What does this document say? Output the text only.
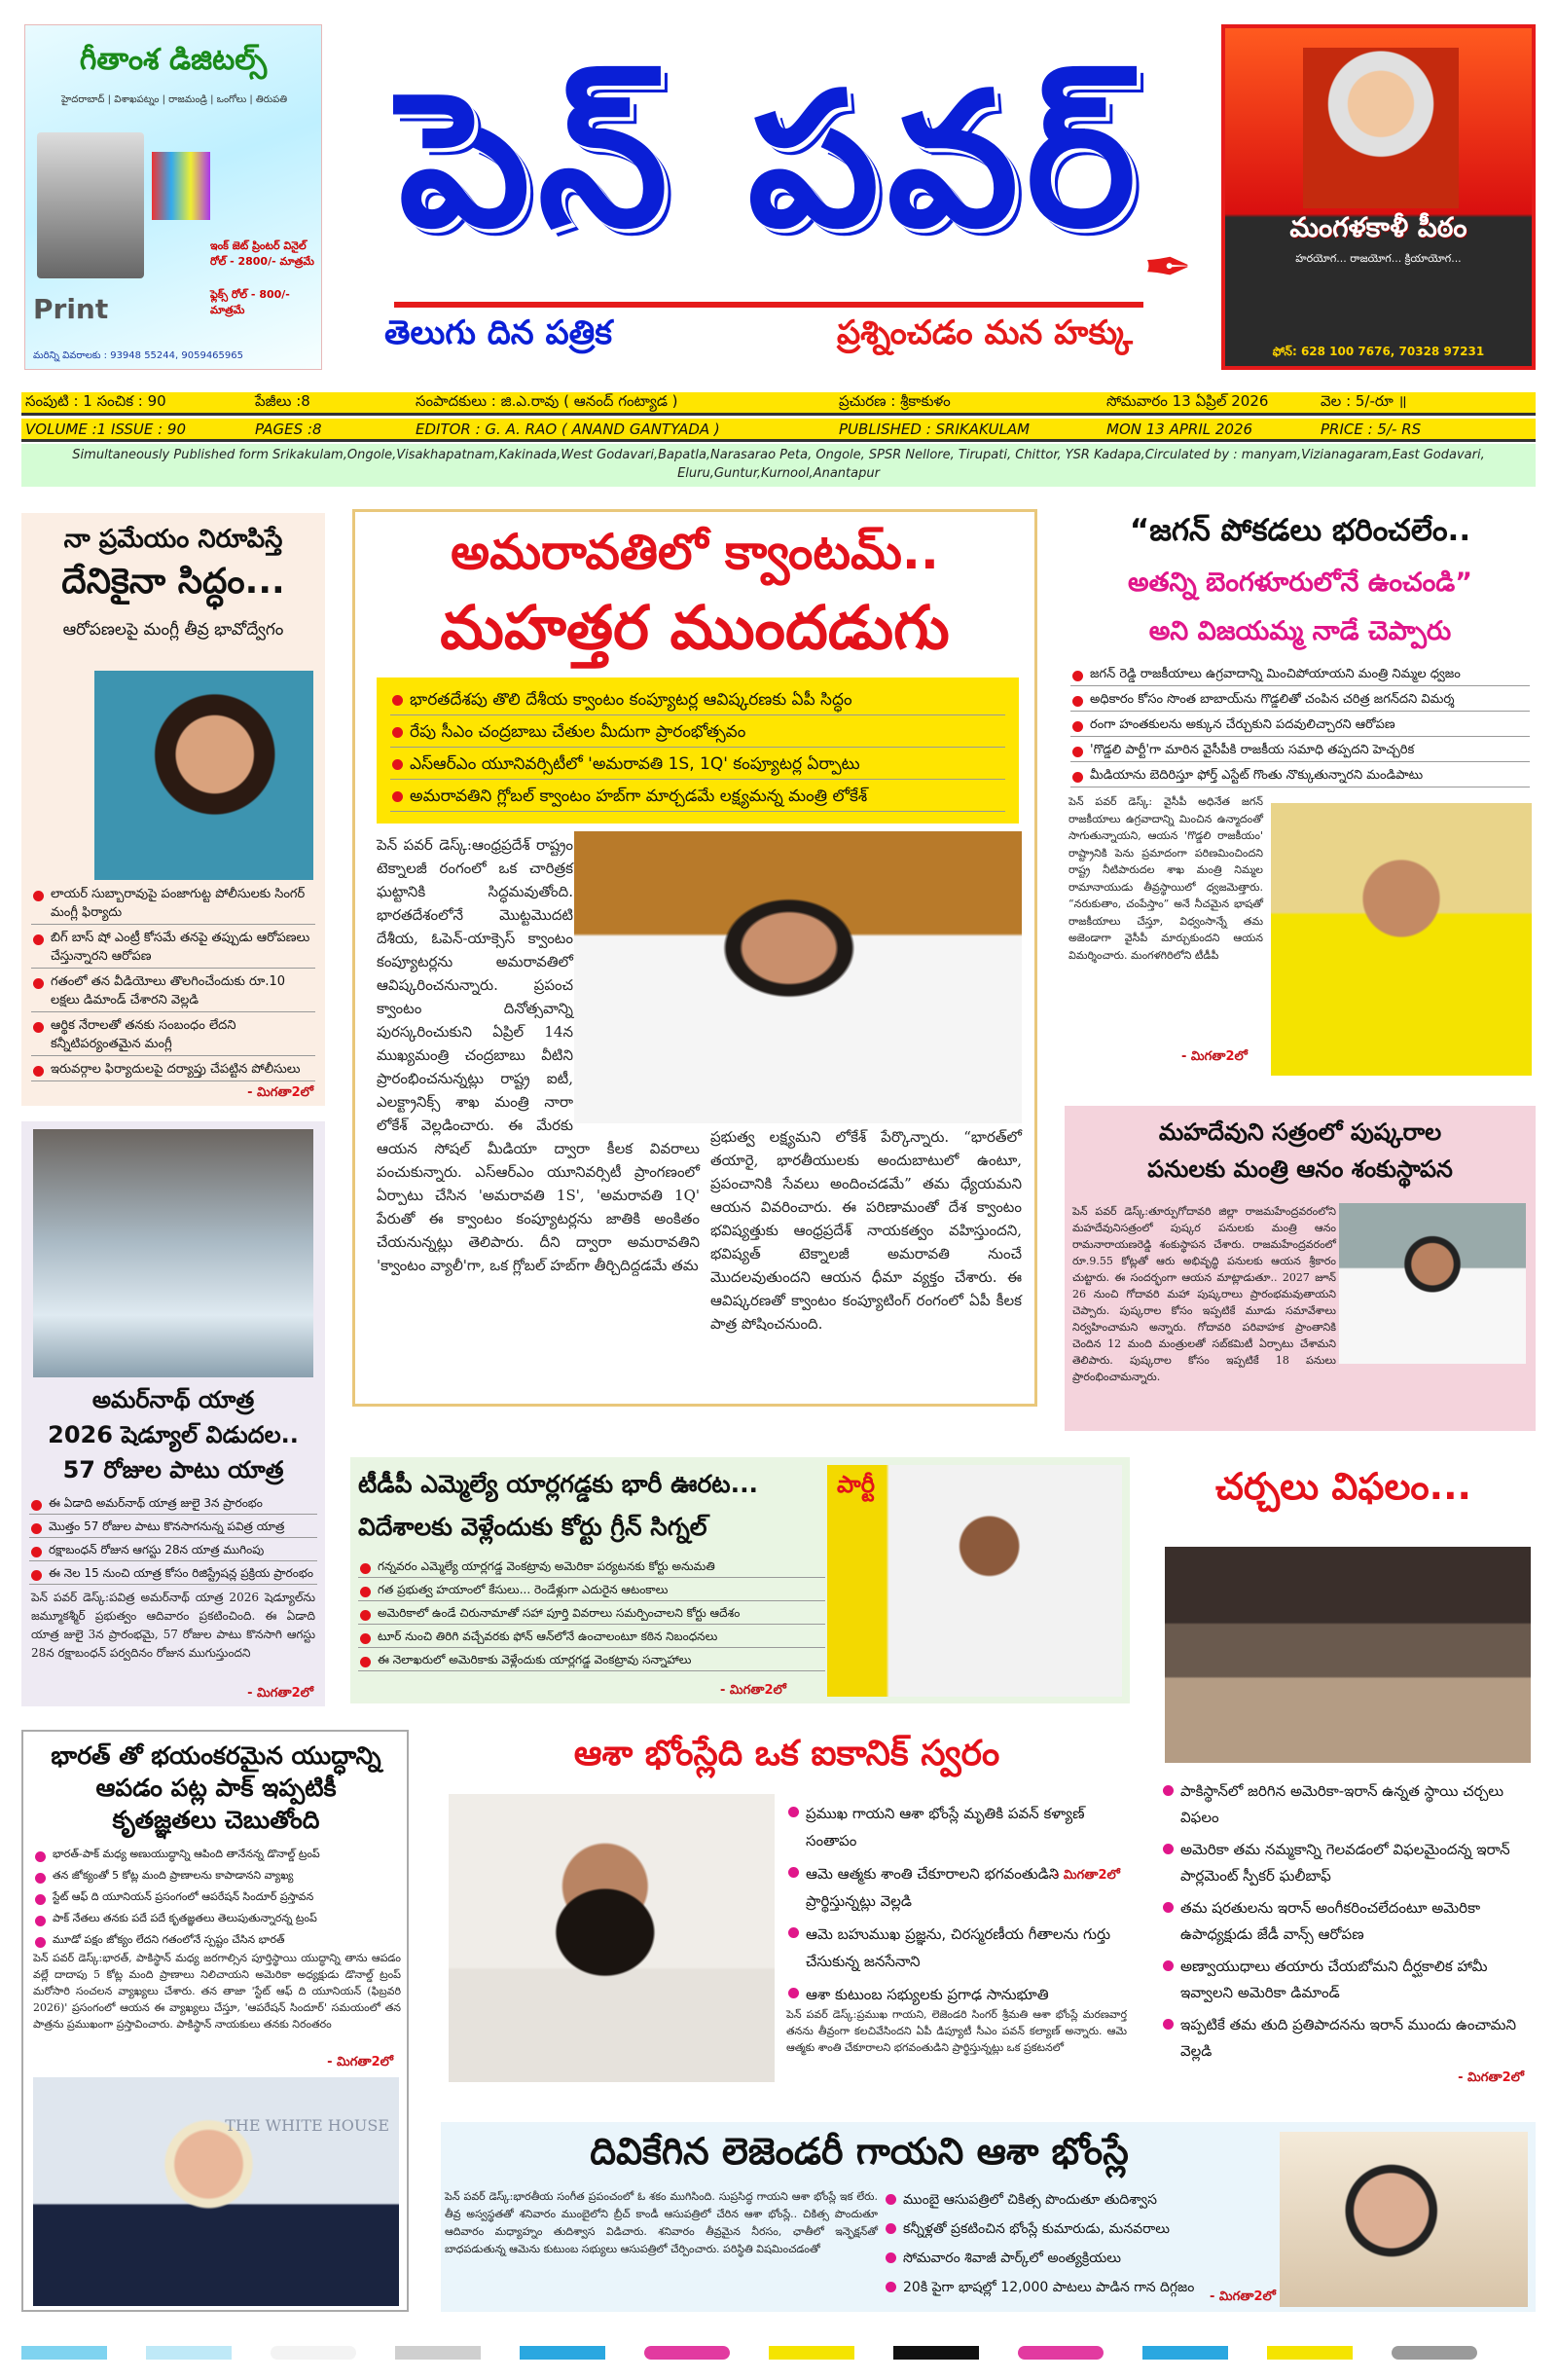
గీతాంశ డిజిటల్స్
హైదరాబాద్ | విశాఖపట్నం | రాజమండ్రి | ఒంగోలు | తిరుపతి
ఇంక్ జెట్ ప్రింటర్ వినైల్ రోల్ - 2800/- మాత్రమే
ఫ్లెక్స్ రోల్ - 800/- మాత్రమే
Print
మరిన్ని వివరాలకు : 93948 55244, 9059465965
పెన్ పవర్ ✒
తెలుగు దిన పత్రిక	ప్రశ్నించడం మన హక్కు
మంగళకాళీ పీఠం
హరయోగ... రాజయోగ... క్రియాయోగ...
ఫోన్: 628 100 7676, 70328 97231
సంపుటి : 1 సంచిక : 90	పేజీలు :8	సంపాదకులు : జి.ఎ.రావు ( ఆనంద్ గంట్యాడ )	ప్రచురణ : శ్రీకాకుళం	సోమవారం 13 ఏప్రిల్ 2026	వెల : 5/-రూ ॥
VOLUME :1 ISSUE : 90	PAGES :8	EDITOR : G. A. RAO ( ANAND GANTYADA )	PUBLISHED : SRIKAKULAM	MON 13 APRIL 2026	PRICE : 5/- RS
Simultaneously Published form Srikakulam,Ongole,Visakhapatnam,Kakinada,West Godavari,Bapatla,Narasarao Peta, Ongole, SPSR Nellore, Tirupati, Chittor, YSR Kadapa,Circulated by : manyam,Vizianagaram,East Godavari, Eluru,Guntur,Kurnool,Anantapur
నా ప్రమేయం నిరూపిస్తే
దేనికైనా సిద్ధం...
ఆరోపణలపై మంగ్లీ తీవ్ర భావోద్వేగం
లాయర్ సుబ్బారావుపై పంజాగుట్ట పోలీసులకు సింగర్ మంగ్లీ ఫిర్యాదు
బిగ్ బాస్ షో ఎంట్రీ కోసమే తనపై తప్పుడు ఆరోపణలు చేస్తున్నారని ఆరోపణ
గతంలో తన వీడియోలు తొలగించేందుకు రూ.10 లక్షలు డిమాండ్ చేశారని వెల్లడి
ఆర్థిక నేరాలతో తనకు సంబంధం లేదని కన్నీటిపర్యంతమైన మంగ్లీ
ఇరువర్గాల ఫిర్యాదులపై దర్యాప్తు చేపట్టిన పోలీసులు
- మిగతా2లో
అమర్‌నాథ్ యాత్ర
2026 షెడ్యూల్ విడుదల..
57 రోజుల పాటు యాత్ర
ఈ ఏడాది అమర్‌నాథ్ యాత్ర జులై 3న ప్రారంభం
మొత్తం 57 రోజుల పాటు కొనసాగనున్న పవిత్ర యాత్ర
రక్షాబంధన్ రోజున ఆగస్టు 28న యాత్ర ముగింపు
ఈ నెల 15 నుంచి యాత్ర కోసం రిజిస్ట్రేషన్ల ప్రక్రియ ప్రారంభం
పెన్ పవర్ డెస్క్:పవిత్ర అమర్‌నాథ్ యాత్ర 2026 షెడ్యూల్‌ను జమ్మూకశ్మీర్ ప్రభుత్వం ఆదివారం ప్రకటించింది. ఈ ఏడాది యాత్ర జులై 3న ప్రారంభమై, 57 రోజుల పాటు కొనసాగి ఆగస్టు 28న రక్షాబంధన్ పర్వదినం రోజున ముగుస్తుందని
- మిగతా2లో
భారత్ తో భయంకరమైన యుద్ధాన్ని
ఆపడం పట్ల పాక్ ఇప్పటికీ
కృతజ్ఞతలు చెబుతోంది
భారత్-పాక్ మధ్య అణుయుద్ధాన్ని ఆపింది తానేనన్న డొనాల్డ్ ట్రంప్
తన జోక్యంతో 5 కోట్ల మంది ప్రాణాలను కాపాడానని వ్యాఖ్య
స్టేట్ ఆఫ్ ది యూనియన్ ప్రసంగంలో ఆపరేషన్ సిందూర్ ప్రస్తావన
పాక్ నేతలు తనకు పదే పదే కృతజ్ఞతలు తెలుపుతున్నారన్న ట్రంప్
మూడో పక్షం జోక్యం లేదని గతంలోనే స్పష్టం చేసిన భారత్
పెన్ పవర్ డెస్క్:భారత్, పాకిస్థాన్ మధ్య జరగాల్సిన పూర్తిస్థాయి యుద్ధాన్ని తాను ఆపడం వల్లే దాదాపు 5 కోట్ల మంది ప్రాణాలు నిలిచాయని అమెరికా అధ్యక్షుడు డొనాల్డ్ ట్రంప్ మరోసారి సంచలన వ్యాఖ్యలు చేశారు. తన తాజా 'స్టేట్ ఆఫ్ ది యూనియన్ (ఫిబ్రవరి 2026)' ప్రసంగంలో ఆయన ఈ వ్యాఖ్యలు చేస్తూ, 'ఆపరేషన్ సిందూర్' సమయంలో తన పాత్రను ప్రముఖంగా ప్రస్తావించారు. పాకిస్థాన్ నాయకులు తనకు నిరంతరం
- మిగతా2లో
THE WHITE HOUSE
అమరావతిలో క్వాంటమ్..
మహత్తర ముందడుగు
భారతదేశపు తొలి దేశీయ క్వాంటం కంప్యూటర్ల ఆవిష్కరణకు ఏపీ సిద్ధం
రేపు సీఎం చంద్రబాబు చేతుల మీదుగా ప్రారంభోత్సవం
ఎస్ఆర్ఎం యూనివర్సిటీలో 'అమరావతి 1S, 1Q' కంప్యూటర్ల ఏర్పాటు
అమరావతిని గ్లోబల్ క్వాంటం హబ్‌గా మార్చడమే లక్ష్యమన్న మంత్రి లోకేశ్
పెన్ పవర్ డెస్క్:ఆంధ్రప్రదేశ్ రాష్ట్రం టెక్నాలజీ రంగంలో ఒక చారిత్రక ఘట్టానికి సిద్ధమవుతోంది. భారతదేశంలోనే మొట్టమొదటి దేశీయ, ఓపెన్-యాక్సెస్ క్వాంటం కంప్యూటర్లను అమరావతిలో ఆవిష్కరించనున్నారు. ప్రపంచ క్వాంటం దినోత్సవాన్ని పురస్కరించుకుని ఏప్రిల్ 14న ముఖ్యమంత్రి చంద్రబాబు వీటిని ప్రారంభించనున్నట్లు రాష్ట్ర ఐటీ, ఎలక్ట్రానిక్స్ శాఖ మంత్రి నారా లోకేశ్ వెల్లడించారు. ఈ మేరకు ఆయన సోషల్ మీడియా ద్వారా కీలక వివరాలు పంచుకున్నారు. ఎస్ఆర్ఎం యూనివర్సిటీ ప్రాంగణంలో ఏర్పాటు చేసిన 'అమరావతి 1S', 'అమరావతి 1Q' పేరుతో ఈ క్వాంటం కంప్యూటర్లను జాతికి అంకితం చేయనున్నట్లు తెలిపారు. దీని ద్వారా అమరావతిని 'క్వాంటం వ్యాలీ'గా, ఒక గ్లోబల్ హబ్‌గా తీర్చిదిద్దడమే తమ
ప్రభుత్వ లక్ష్యమని లోకేశ్ పేర్కొన్నారు. “భారత్‌లో తయారై, భారతీయులకు అందుబాటులో ఉంటూ, ప్రపంచానికి సేవలు అందించడమే” తమ ధ్యేయమని ఆయన వివరించారు. ఈ పరిణామంతో దేశ క్వాంటం భవిష్యత్తుకు ఆంధ్రప్రదేశ్ నాయకత్వం వహిస్తుందని, భవిష్యత్ టెక్నాలజీ అమరావతి నుంచే మొదలవుతుందని ఆయన ధీమా వ్యక్తం చేశారు. ఈ ఆవిష్కరణతో క్వాంటం కంప్యూటింగ్ రంగంలో ఏపీ కీలక పాత్ర పోషించనుంది.
“జగన్ పోకడలు భరించలేం..
అతన్ని బెంగళూరులోనే ఉంచండి”
అని విజయమ్మ నాడే చెప్పారు
జగన్ రెడ్డి రాజకీయాలు ఉగ్రవాదాన్ని మించిపోయాయని మంత్రి నిమ్మల ధ్వజం
అధికారం కోసం సొంత బాబాయ్‌ను గొడ్డలితో చంపిన చరిత్ర జగన్‌దని విమర్శ
రంగా హంతకులను అక్కున చేర్చుకుని పదవులిచ్చారని ఆరోపణ
'గొడ్డలి పార్టీ'గా మారిన వైసీపీకి రాజకీయ సమాధి తప్పదని హెచ్చరిక
మీడియాను బెదిరిస్తూ ఫోర్త్ ఎస్టేట్ గొంతు నొక్కుతున్నారని మండిపాటు
పెన్ పవర్ డెస్క్: వైసీపీ అధినేత జగన్ రాజకీయాలు ఉగ్రవాదాన్ని మించిన ఉన్మాదంతో సాగుతున్నాయని, ఆయన 'గొడ్డలి రాజకీయం' రాష్ట్రానికి పెను ప్రమాదంగా పరిణమించిందని రాష్ట్ర నీటిపారుదల శాఖ మంత్రి నిమ్మల రామానాయుడు తీవ్రస్థాయిలో ధ్వజమెత్తారు. “నరుకుతాం, చంపేస్తాం” అనే నీచమైన భాషతో రాజకీయాలు చేస్తూ, విధ్వంసాన్నే తమ అజెండాగా వైసీపీ మార్చుకుందని ఆయన విమర్శించారు. మంగళగిరిలోని టీడీపీ
- మిగతా2లో
మహదేవుని సత్రంలో పుష్కరాల
పనులకు మంత్రి ఆనం శంకుస్థాపన
పెన్ పవర్ డెస్క్:తూర్పుగోదావరి జిల్లా రాజమహేంద్రవరంలోని మహదేవునిసత్రంలో పుష్కర పనులకు మంత్రి ఆనం రామనారాయణరెడ్డి శంకుస్థాపన చేశారు. రాజమహేంద్రవరంలో రూ.9.55 కోట్లతో ఆరు అభివృద్ధి పనులకు ఆయన శ్రీకారం చుట్టారు. ఈ సందర్భంగా ఆయన మాట్లాడుతూ.. 2027 జూన్ 26 నుంచి గోదావరి మహా పుష్కరాలు ప్రారంభమవుతాయని చెప్పారు. పుష్కరాల కోసం ఇప్పటికే మూడు సమావేశాలు నిర్వహించామని అన్నారు. గోదావరి పరివాహక ప్రాంతానికి చెందిన 12 మంది మంత్రులతో సబ్‌కమిటీ ఏర్పాటు చేశామని తెలిపారు. పుష్కరాల కోసం ఇప్పటికే 18 పనులు ప్రారంభించామన్నారు.
టీడీపీ ఎమ్మెల్యే యార్లగడ్డకు భారీ ఊరట...
విదేశాలకు వెళ్లేందుకు కోర్టు గ్రీన్ సిగ్నల్
గన్నవరం ఎమ్మెల్యే యార్లగడ్డ వెంకట్రావు అమెరికా పర్యటనకు కోర్టు అనుమతి
గత ప్రభుత్వ హయాంలో కేసులు... రెండేళ్లుగా ఎదురైన ఆటంకాలు
అమెరికాలో ఉండే చిరునామాతో సహా పూర్తి వివరాలు సమర్పించాలని కోర్టు ఆదేశం
టూర్ నుంచి తిరిగి వచ్చేవరకు ఫోన్ ఆన్‌లోనే ఉంచాలంటూ కఠిన నిబంధనలు
ఈ నెలాఖరులో అమెరికాకు వెళ్లేందుకు యార్లగడ్డ వెంకట్రావు సన్నాహాలు
- మిగతా2లో
పార్టీ	చర్చలు విఫలం...
పాకిస్థాన్‌లో జరిగిన అమెరికా-ఇరాన్ ఉన్నత స్థాయి చర్చలు విఫలం
అమెరికా తమ నమ్మకాన్ని గెలవడంలో విఫలమైందన్న ఇరాన్ పార్లమెంట్ స్పీకర్ ఘలీబాఫ్
తమ షరతులను ఇరాన్ అంగీకరించలేదంటూ అమెరికా ఉపాధ్యక్షుడు జేడీ వాన్స్ ఆరోపణ
అణ్వాయుధాలు తయారు చేయబోమని దీర్ఘకాలిక హామీ ఇవ్వాలని అమెరికా డిమాండ్
ఇప్పటికే తమ తుది ప్రతిపాదనను ఇరాన్ ముందు ఉంచామని వెల్లడి
- మిగతా2లో
ఆశా భోంస్లేది ఒక ఐకానిక్ స్వరం
ప్రముఖ గాయని ఆశా భోంస్లే మృతికి పవన్ కళ్యాణ్ సంతాపం
ఆమె ఆత్మకు శాంతి చేకూరాలని భగవంతుడిని ప్రార్థిస్తున్నట్లు వెల్లడి
ఆమె బహుముఖ ప్రజ్ఞను, చిరస్మరణీయ గీతాలను గుర్తు చేసుకున్న జనసేనాని
ఆశా కుటుంబ సభ్యులకు ప్రగాఢ సానుభూతి
- మిగతా2లో
పెన్ పవర్ డెస్క్:ప్రముఖ గాయని, లెజెండరి సింగర్ శ్రీమతి ఆశా భోంస్లే మరణవార్త తనను తీవ్రంగా కలచివేసిందని ఏపీ డిప్యూటీ సీఎం పవన్ కల్యాణ్ అన్నారు. ఆమె ఆత్మకు శాంతి చేకూరాలని భగవంతుడిని ప్రార్థిస్తున్నట్లు ఒక ప్రకటనలో
దివికేగిన లెజెండరీ గాయని ఆశా భోంస్లే
పెన్ పవర్ డెస్క్:భారతీయ సంగీత ప్రపంచంలో ఓ శకం ముగిసింది. సుప్రసిద్ధ గాయని ఆశా భోంస్లే ఇక లేరు. తీవ్ర అస్వస్థతతో శనివారం ముంబైలోని బ్రీచ్ కాండీ ఆసుపత్రిలో చేరిన ఆశా భోంస్లే.. చికిత్స పొందుతూ ఆదివారం మధ్యాహ్నం తుదిశ్వాస విడిచారు. శనివారం తీవ్రమైన నీరసం, ఛాతీలో ఇన్ఫెక్షన్‌తో బాధపడుతున్న ఆమెను కుటుంబ సభ్యులు ఆసుపత్రిలో చేర్పించారు. పరిస్థితి విషమించడంతో
ముంబై ఆసుపత్రిలో చికిత్స పొందుతూ తుదిశ్వాస
కన్నీళ్లతో ప్రకటించిన భోంస్లే కుమారుడు, మనవరాలు
సోమవారం శివాజీ పార్క్‌లో అంత్యక్రియలు
20కి పైగా భాషల్లో 12,000 పాటలు పాడిన గాన దిగ్గజం
- మిగతా2లో
